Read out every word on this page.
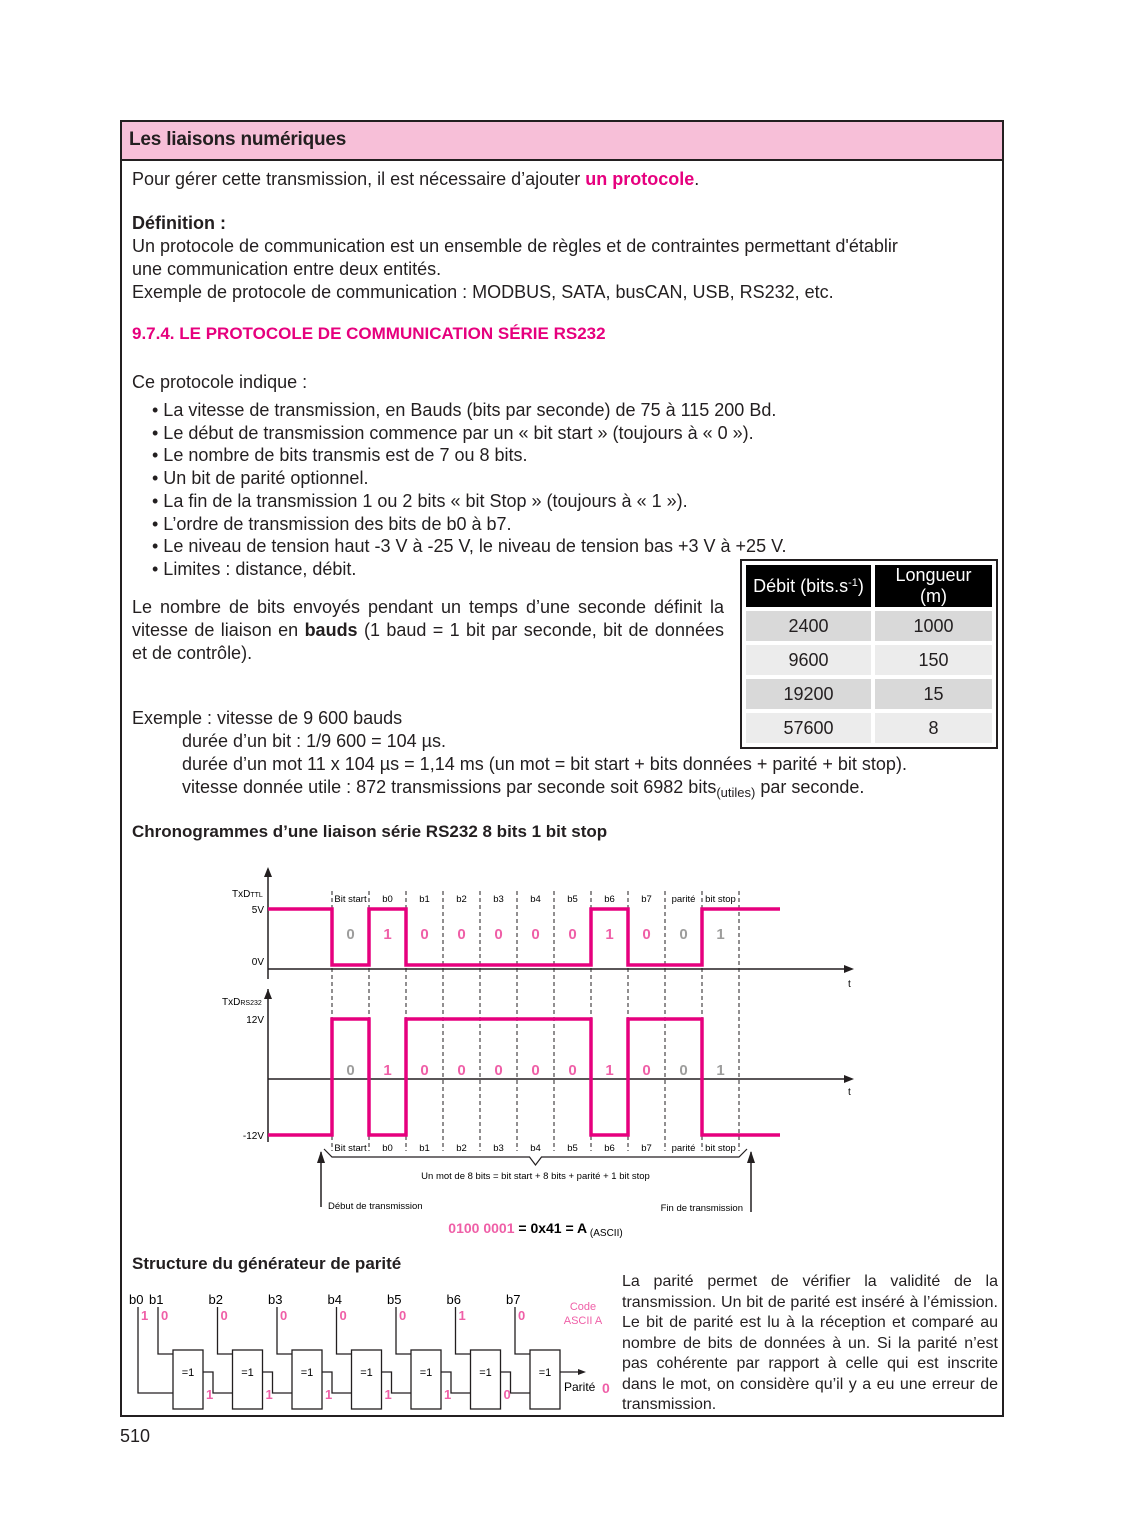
Les liaisons numériques
Pour gérer cette transmission, il est nécessaire d’ajouter un protocole.
Définition :
Un protocole de communication est un ensemble de règles et de contraintes permettant d'établir
une communication entre deux entités.
Exemple de protocole de communication : MODBUS, SATA, busCAN, USB, RS232, etc.
9.7.4. LE PROTOCOLE DE COMMUNICATION SÉRIE RS232
Ce protocole indique :
• La vitesse de transmission, en Bauds (bits par seconde) de 75 à 115 200 Bd.
• Le début de transmission commence par un « bit start » (toujours à « 0 »).
• Le nombre de bits transmis est de 7 ou 8 bits.
• Un bit de parité optionnel.
• La fin de la transmission 1 ou 2 bits « bit Stop » (toujours à « 1 »).
• L’ordre de transmission des bits de b0 à b7.
• Le niveau de tension haut -3 V à -25 V, le niveau de tension bas +3 V à +25 V.
• Limites : distance, débit.
Le nombre de bits envoyés pendant un temps d’une seconde définit la vitesse de liaison en bauds (1 baud = 1 bit par seconde, bit de données et de contrôle).
Débit $(bits.s^{-1})$	Longueur (m)
2400	1000
9600	150
19200	15
57600	8
Exemple : vitesse de 9 600 bauds
durée d’un bit : 1/9 600 = 104 µs.
durée d’un mot 11 x 104 µs = 1,14 ms (un mot = bit start + bits données + parité + bit stop).
vitesse donnée utile : 872 transmissions par seconde soit 6982 bits$_{(utiles)}$ par seconde.
Chronogrammes d’une liaison série RS232 8 bits 1 bit stop
t
t
TxDTTL
5V
0V
TxDRS232
12V
-12V
Bit start
Bit start
b0
b0
b1
b1
b2
b2
b3
b3
b4
b4
b5
b5
b6
b6
b7
b7
parité
parité
bit stop
bit stop
0
0
1
1
0
0
0
0
0
0
0
0
0
0
1
1
0
0
0
0
1
1
Un mot de 8 bits = bit start + 8 bits + parité + 1 bit stop
Début de transmission	Fin de transmission
0100 0001 = 0x41 = A $_{(ASCII)}$
Structure du générateur de parité
b0
1
=1
b1
0
1
=1
b2
0
1
=1
b3
0
1
=1
b4
0
1
=1
b5
0
1
=1
b6
1
0
=1
b7
0
Parité 0
Code
ASCII A
La parité permet de vérifier la validité de la transmission. Un bit de parité est inséré à l’émission. Le bit de parité est lu à la réception et comparé au nombre de bits de données à un. Si la parité n’est pas cohérente par rapport à celle qui est inscrite dans le mot, on considère qu’il y a eu une erreur de transmission.
510
